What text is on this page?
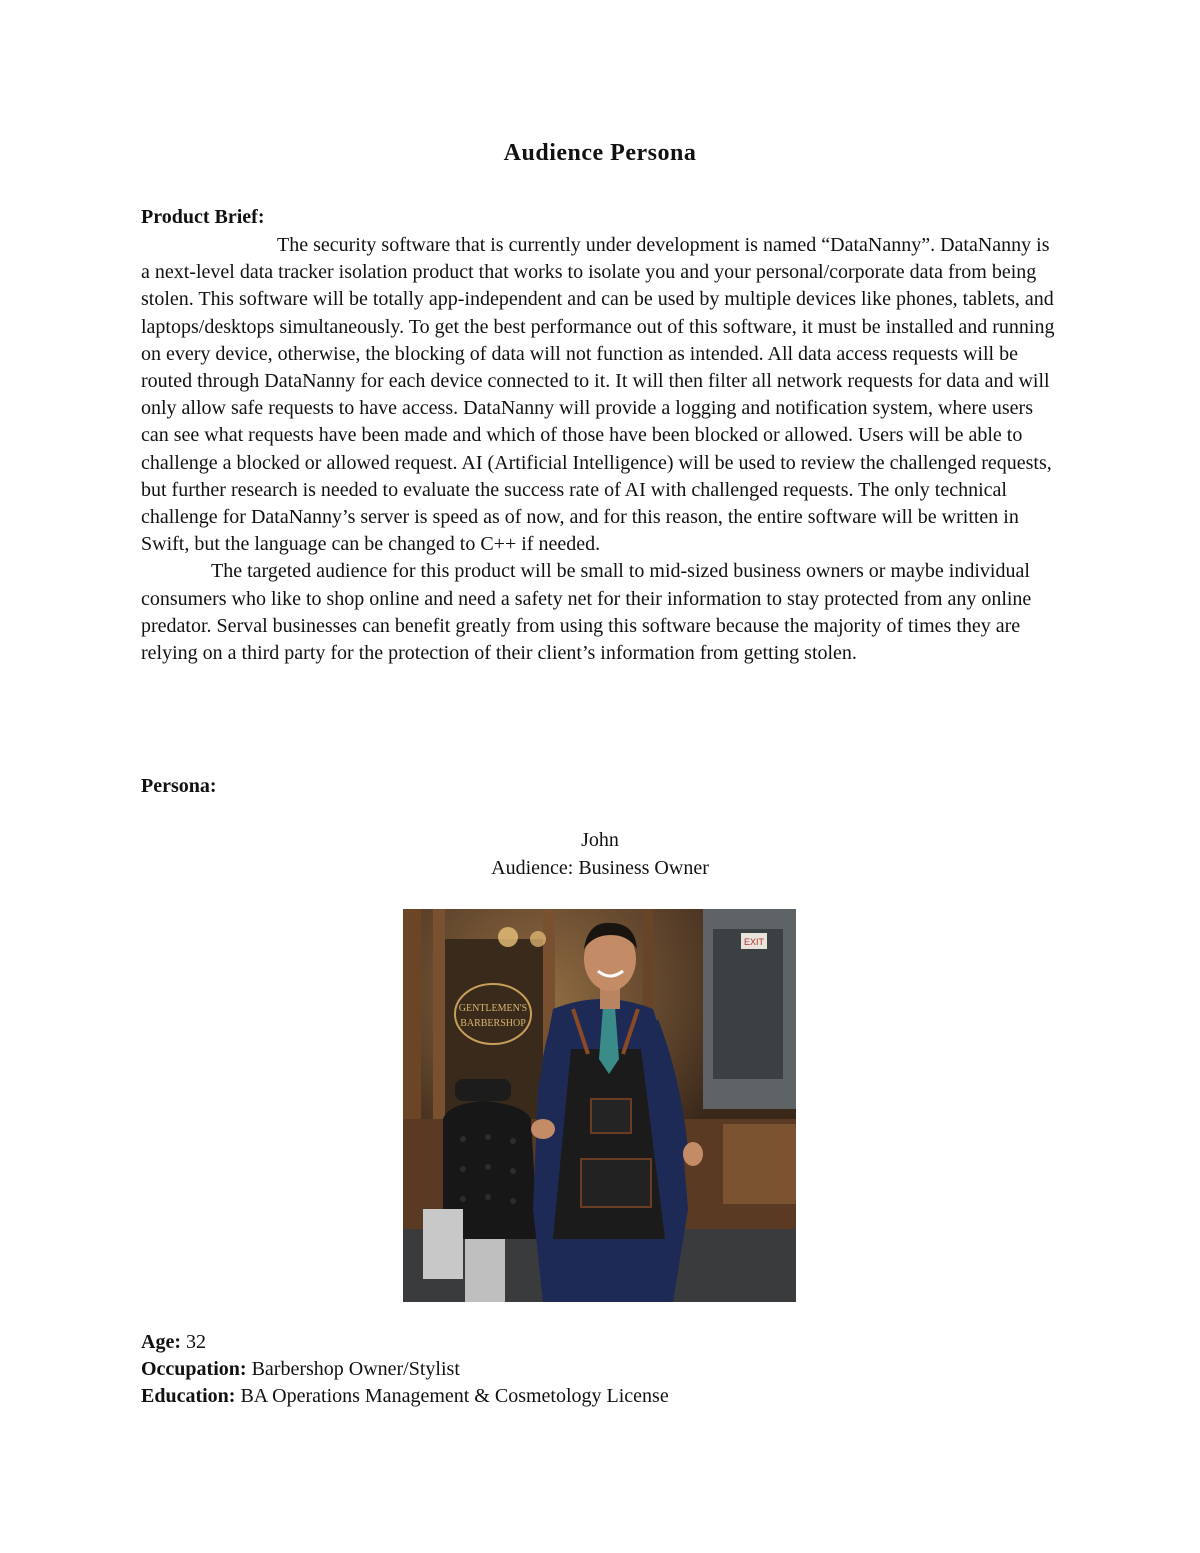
Audience Persona
Product Brief:

The security software that is currently under development is named “DataNanny”. DataNanny is a next-level data tracker isolation product that works to isolate you and your personal/corporate data from being stolen. This software will be totally app-independent and can be used by multiple devices like phones, tablets, and laptops/desktops simultaneously. To get the best performance out of this software, it must be installed and running on every device, otherwise, the blocking of data will not function as intended. All data access requests will be routed through DataNanny for each device connected to it. It will then filter all network requests for data and will only allow safe requests to have access. DataNanny will provide a logging and notification system, where users can see what requests have been made and which of those have been blocked or allowed. Users will be able to challenge a blocked or allowed request. AI (Artificial Intelligence) will be used to review the challenged requests, but further research is needed to evaluate the success rate of AI with challenged requests. The only technical challenge for DataNanny’s server is speed as of now, and for this reason, the entire software will be written in Swift, but the language can be changed to C++ if needed.

The targeted audience for this product will be small to mid-sized business owners or maybe individual consumers who like to shop online and need a safety net for their information to stay protected from any online predator. Serval businesses can benefit greatly from using this software because the majority of times they are relying on a third party for the protection of their client’s information from getting stolen.

Persona:
John
Audience: Business Owner
GENTLEMEN'S
BARBERSHOP
EXIT
Age: 32
Occupation: Barbershop Owner/Stylist
Education: BA Operations Management & Cosmetology License
